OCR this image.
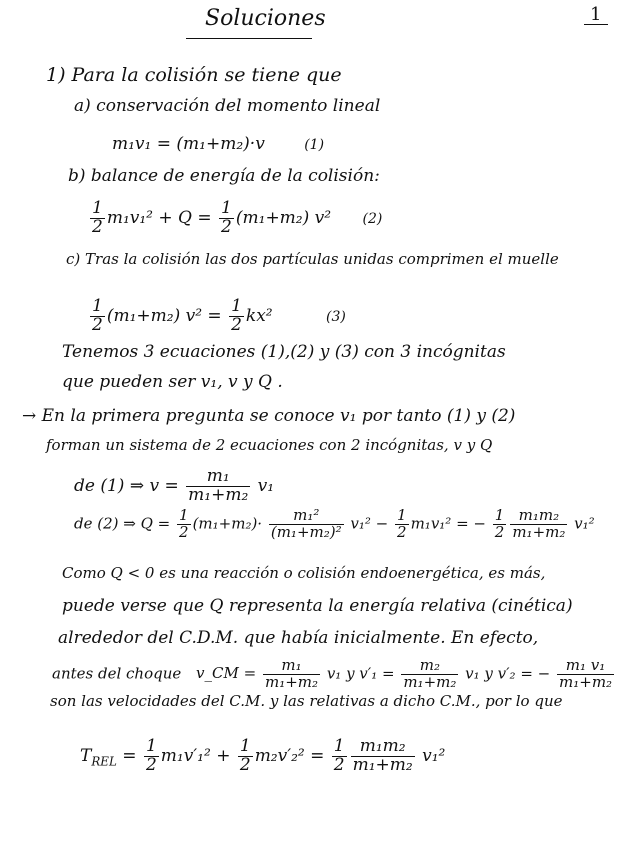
Soluciones	1
1) Para la colisión se tiene que
a) conservación del momento lineal
m₁v₁ = (m₁+m₂)·v	(1)
b) balance de energía de la colisión:
$\frac{1}{2} m_1v_1^2 + Q = \frac{1}{2} (m_1+m_2)$ v² (2)
c) Tras la colisión las dos partículas unidas comprimen el muelle
$\frac{1}{2} (m_1+m_2) v^2 = \frac{1}{2} kx^2$	(3)
Tenemos 3 ecuaciones (1),(2) y (3) con 3 incógnitas
que pueden ser v₁, v y Q .
→ En la primera pregunta se conoce v₁ por tanto (1) y (2)
forman un sistema de 2 ecuaciones con 2 incógnitas, v y Q
de (1) ⇒ $v = \frac{\text{m₁}}{\text{m₁+m₂}} v_1$
de (2) ⇒ $Q = \frac{1}{2} (m_1+m_2)\cdot \frac{\text{m₁²}}{\text{(m₁+m₂)²}} v_1^2 - \frac{1}{2} m_1v_1^2$ = − $\frac{1}{2} \frac{\text{m₁m₂}}{\text{m₁+m₂}} v_1^2$
Como Q < 0 es una reacción o colisión endoenergética, es más,
puede verse que Q representa la energía relativa (cinética)
alrededor del C.D.M. que había inicialmente. En efecto,
antes del choque v_CM = $\frac{\text{m₁}}{\text{m₁+m₂}} v_1$ y $v'_1 = \frac{\text{m₂}}{\text{m₁+m₂}} v_1$ y v′₂ = − $\frac{\text{m₁ v₁}}{\text{m₁+m₂}}$
son las velocidades del C.M. y las relativas a dicho C.M., por lo que
$T_{REL} = \frac{1}{2} m_1v'_1^2 + \frac{1}{2} m_2v'_2^2 = \frac{1}{2} \frac{\text{m₁m₂}}{\text{m₁+m₂}} v_1^2$
